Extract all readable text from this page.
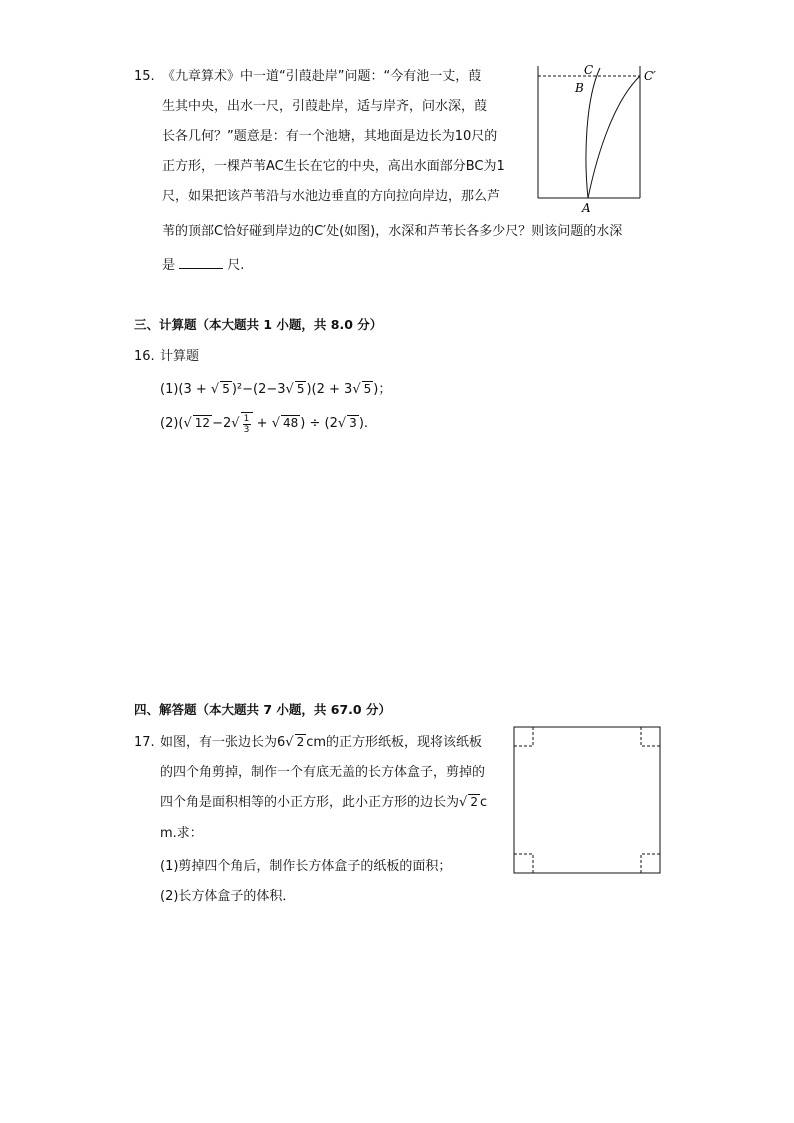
15. 《九章算术》中一道“引葭赴岸”问题：“今有池一丈，葭
生其中央，出水一尺，引葭赴岸，适与岸齐，问水深，葭
长各几何？”题意是：有一个池塘，其地面是边长为10尺的
正方形，一棵芦苇AC生长在它的中央，高出水面部分BC为1
尺，如果把该芦苇沿与水池边垂直的方向拉向岸边，那么芦
苇的顶部C恰好碰到岸边的C′处(如图)，水深和芦苇长各多少尺？则该问题的水深
是	尺.
C
B
C′
A
三、计算题（本大题共 1 小题，共 8.0 分）
16. 计算题
(1)(3 + √ 5 )²−(2−3√ 5 )(2 + 3√ 5 )；
(2)(√ $12 -2√ \frac{1}{3}$ + √ 48 ) ÷ (2√ 3 ).
四、解答题（本大题共 7 小题，共 67.0 分）
17. 如图，有一张边长为6√ 2 cm的正方形纸板，现将该纸板
的四个角剪掉，制作一个有底无盖的长方体盒子，剪掉的
四个角是面积相等的小正方形，此小正方形的边长为√ 2 c
m.求：
(1)剪掉四个角后，制作长方体盒子的纸板的面积；
(2)长方体盒子的体积．
